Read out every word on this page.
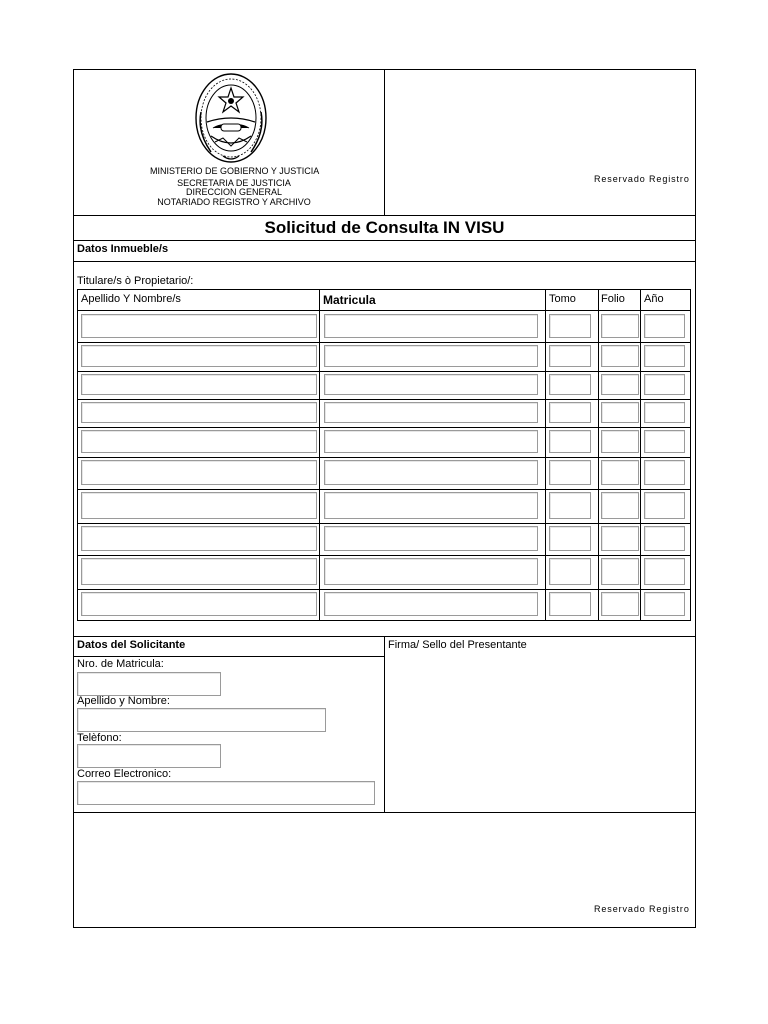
MINISTERIO DE GOBIERNO Y JUSTICIA
SECRETARIA DE JUSTICIA
DIRECCION GENERAL
NOTARIADO REGISTRO Y ARCHIVO
Reservado Registro
Solicitud de Consulta IN VISU
Datos Inmueble/s
Titulare/s ò Propietario/:
Apellido Y Nombre/s	Matricula	Tomo Folio Año
Datos del Solicitante	Firma/ Sello del Presentante
Nro. de Matricula:
Apellido y Nombre:
Telèfono:
Correo Electronico:
Reservado Registro
